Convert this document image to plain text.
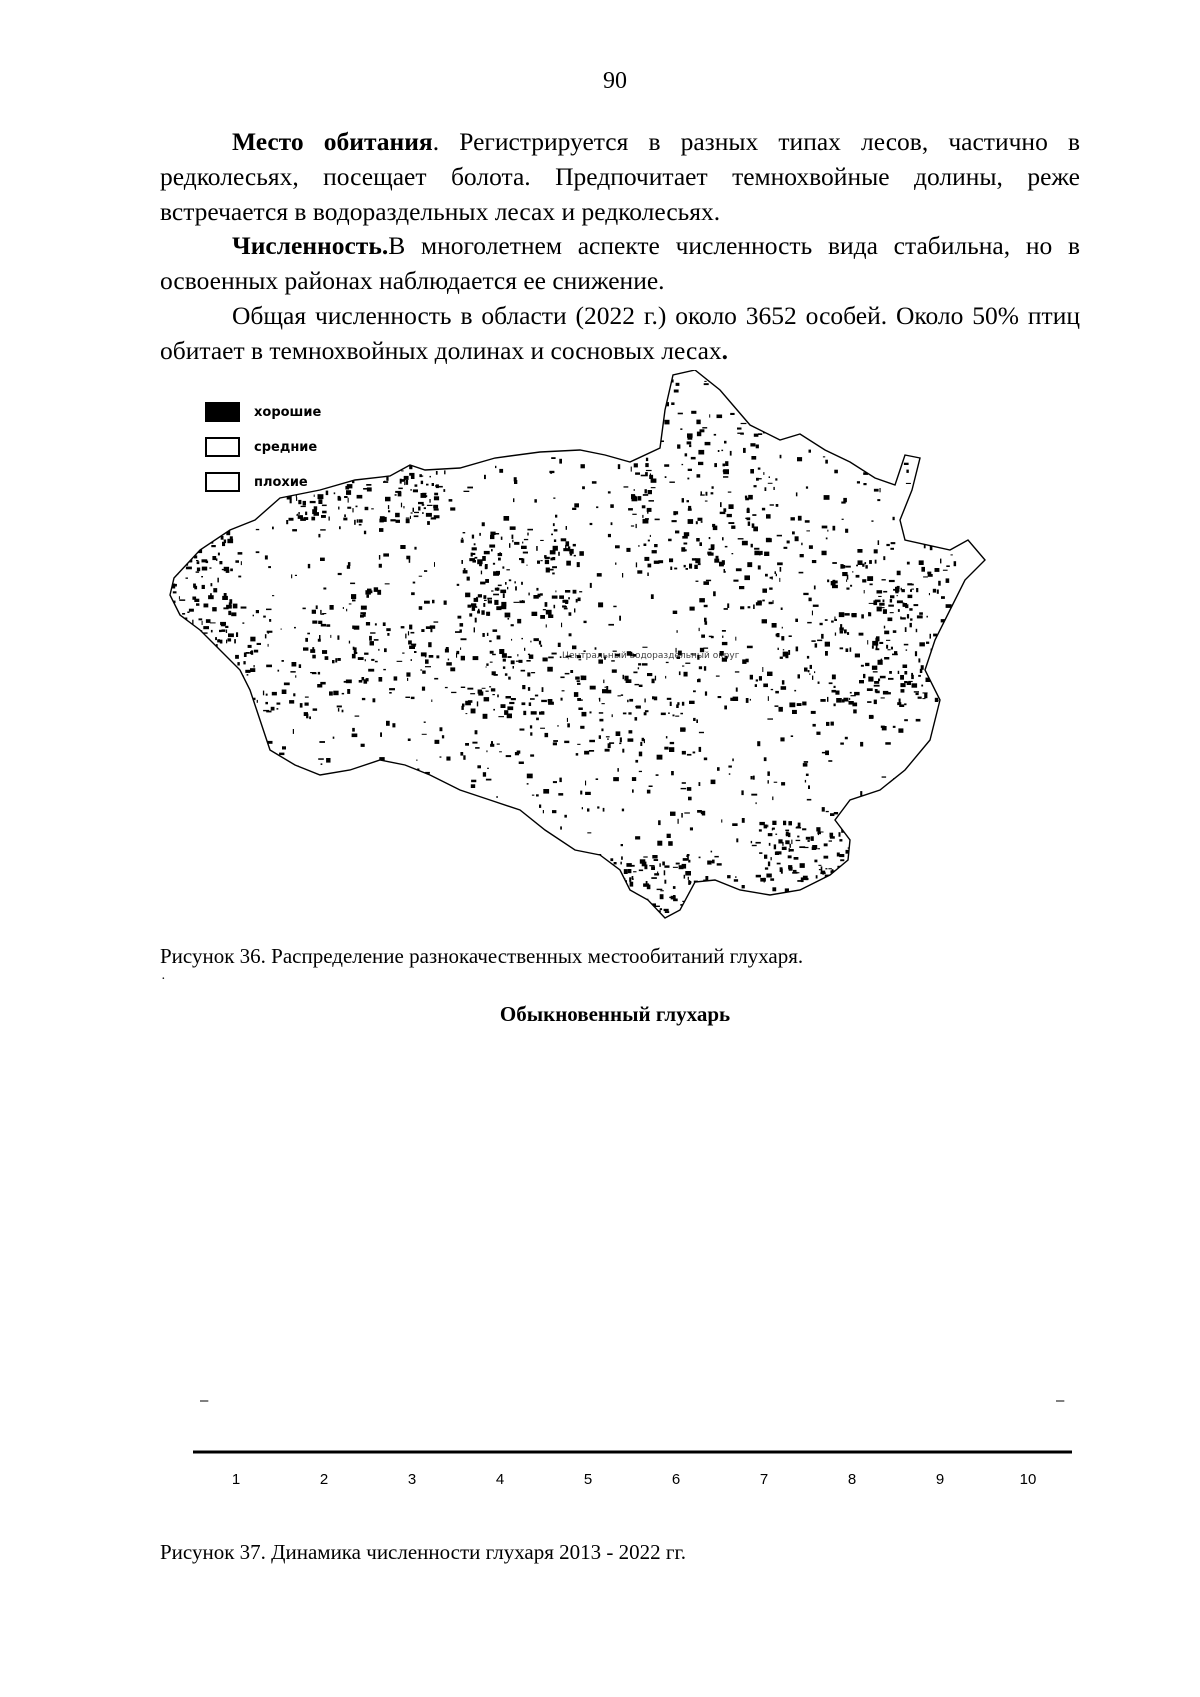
90

Место обитания. Регистрируется в разных типах лесов, частично в редколесьях, посещает болота. Предпочитает темнохвойные долины, реже встречается в водораздельных лесах и редколесьях.

Численность.В многолетнем аспекте численность вида стабильна, но в освоенных районах наблюдается ее снижение.

Общая численность в области (2022 г.) около 3652 особей. Около 50% птиц обитает в темнохвойных долинах и сосновых лесах.

хорошие
средние
плохие
Центральный водораздельный округ

Рисунок 36. Распределение разнокачественных местообитаний глухаря.

·
Обыкновенный глухарь
–	–
1	2	3	4	5	6	7	8	9	10

Рисунок 37. Динамика численности глухаря 2013 - 2022 гг.
